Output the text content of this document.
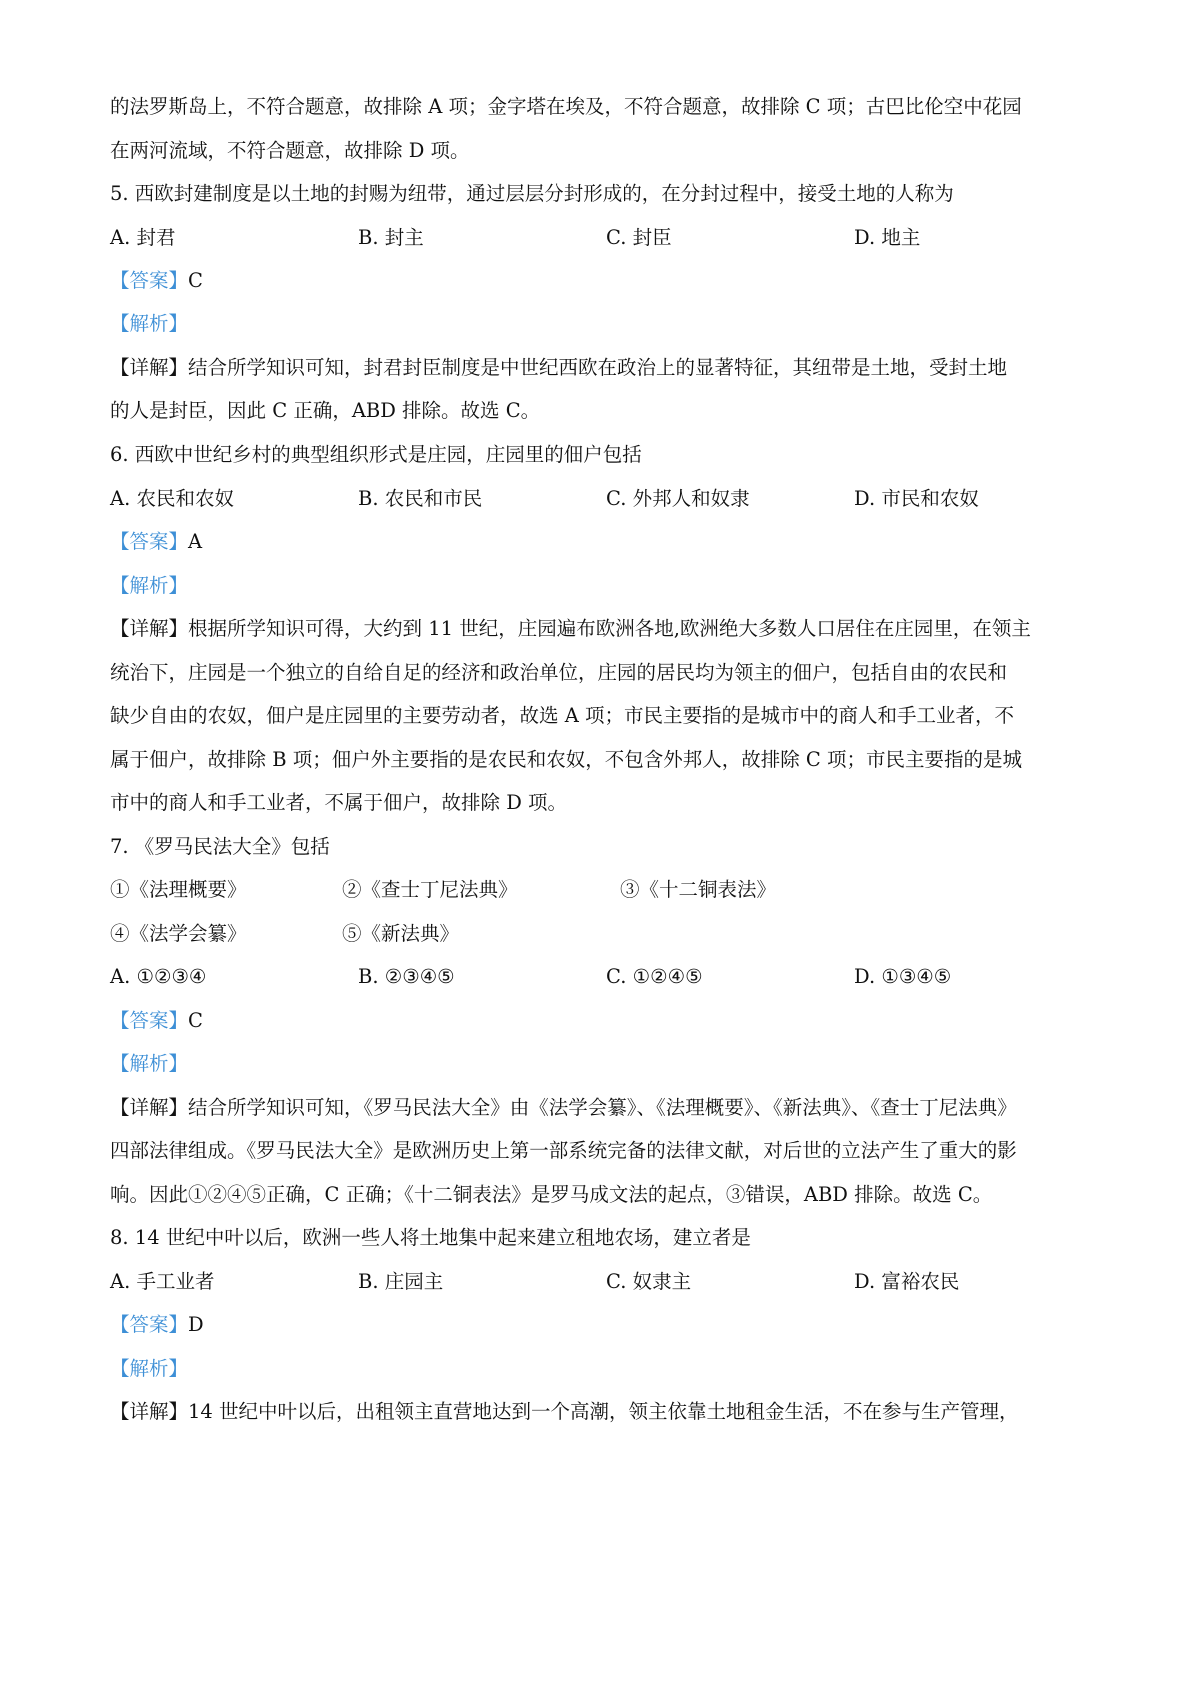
的法罗斯岛上，不符合题意，故排除 A 项；金字塔在埃及，不符合题意，故排除 C 项；古巴比伦空中花园
在两河流域，不符合题意，故排除 D 项。
5. 西欧封建制度是以土地的封赐为纽带，通过层层分封形成的，在分封过程中，接受土地的人称为
A. 封君	B. 封主	C. 封臣	D. 地主
【答案】C
【解析】
【详解】结合所学知识可知，封君封臣制度是中世纪西欧在政治上的显著特征，其纽带是土地，受封土地
的人是封臣，因此 C 正确，ABD 排除。故选 C。
6. 西欧中世纪乡村的典型组织形式是庄园，庄园里的佃户包括
A. 农民和农奴	B. 农民和市民	C. 外邦人和奴隶	D. 市民和农奴
【答案】A
【解析】
【详解】根据所学知识可得，大约到 11 世纪，庄园遍布欧洲各地,欧洲绝大多数人口居住在庄园里，在领主
统治下，庄园是一个独立的自给自足的经济和政治单位，庄园的居民均为领主的佃户，包括自由的农民和
缺少自由的农奴，佃户是庄园里的主要劳动者，故选 A 项；市民主要指的是城市中的商人和手工业者，不
属于佃户，故排除 B 项；佃户外主要指的是农民和农奴，不包含外邦人，故排除 C 项；市民主要指的是城
市中的商人和手工业者，不属于佃户，故排除 D 项。
7. 《罗马民法大全》包括
①《法理概要》	②《查士丁尼法典》	③《十二铜表法》
④《法学会纂》	⑤《新法典》
A. ①②③④	B. ②③④⑤	C. ①②④⑤	D. ①③④⑤
【答案】C
【解析】
【详解】结合所学知识可知，《罗马民法大全》由《法学会纂》、《法理概要》、《新法典》、《查士丁尼法典》
四部法律组成。《罗马民法大全》是欧洲历史上第一部系统完备的法律文献，对后世的立法产生了重大的影
响。因此①②④⑤正确，C 正确；《十二铜表法》是罗马成文法的起点，③错误，ABD 排除。故选 C。
8. 14 世纪中叶以后，欧洲一些人将土地集中起来建立租地农场，建立者是
A. 手工业者	B. 庄园主	C. 奴隶主	D. 富裕农民
【答案】D
【解析】
【详解】14 世纪中叶以后，出租领主直营地达到一个高潮，领主依靠土地租金生活，不在参与生产管理，
